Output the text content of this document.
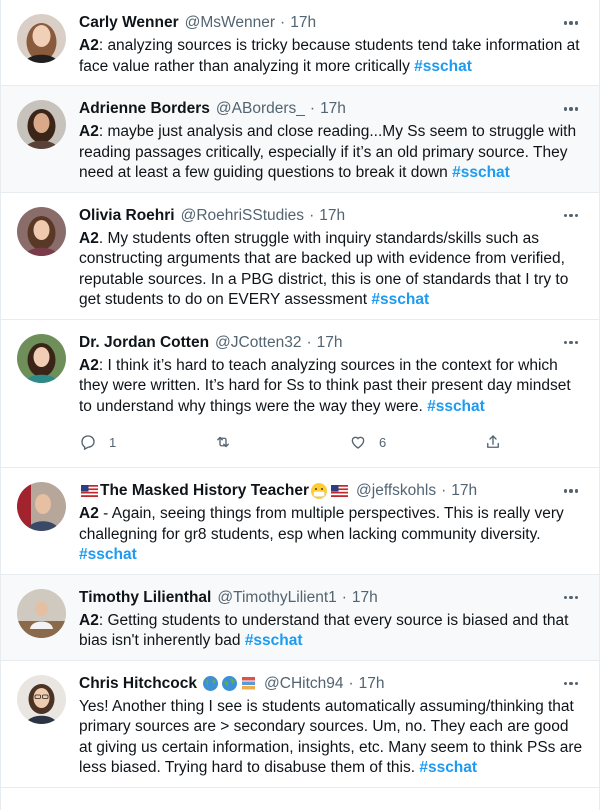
Carly Wenner @MsWenner · 17h
A2: analyzing sources is tricky because students tend take information at face value rather than analyzing it more critically #sschat
Adrienne Borders @ABorders_ · 17h
A2: maybe just analysis and close reading...My Ss seem to struggle with reading passages critically, especially if it’s an old primary source. They need at least a few guiding questions to break it down #sschat
Olivia Roehri @RoehriSStudies · 17h
A2. My students often struggle with inquiry standards/skills such as constructing arguments that are backed up with evidence from verified, reputable sources. In a PBG district, this is one of standards that I try to get students to do on EVERY assessment #sschat
Dr. Jordan Cotten @JCotten32 · 17h
A2: I think it’s hard to teach analyzing sources in the context for which they were written. It’s hard for Ss to think past their present day mindset to understand why things were the way they were. #sschat
1	6
The Masked History Teacher	@jeffskohls · 17h
A2 - Again, seeing things from multiple perspectives. This is really very challegning for gr8 students, esp when lacking community diversity. #sschat
Timothy Lilienthal @TimothyLilient1 · 17h
A2: Getting students to understand that every source is biased and that bias isn't inherently bad #sschat
Chris Hitchcock	@CHitch94 · 17h
Yes! Another thing I see is students automatically assuming/thinking that primary sources are > secondary sources. Um, no. They each are good at giving us certain information, insights, etc. Many seem to think PSs are less biased. Trying hard to disabuse them of this. #sschat
